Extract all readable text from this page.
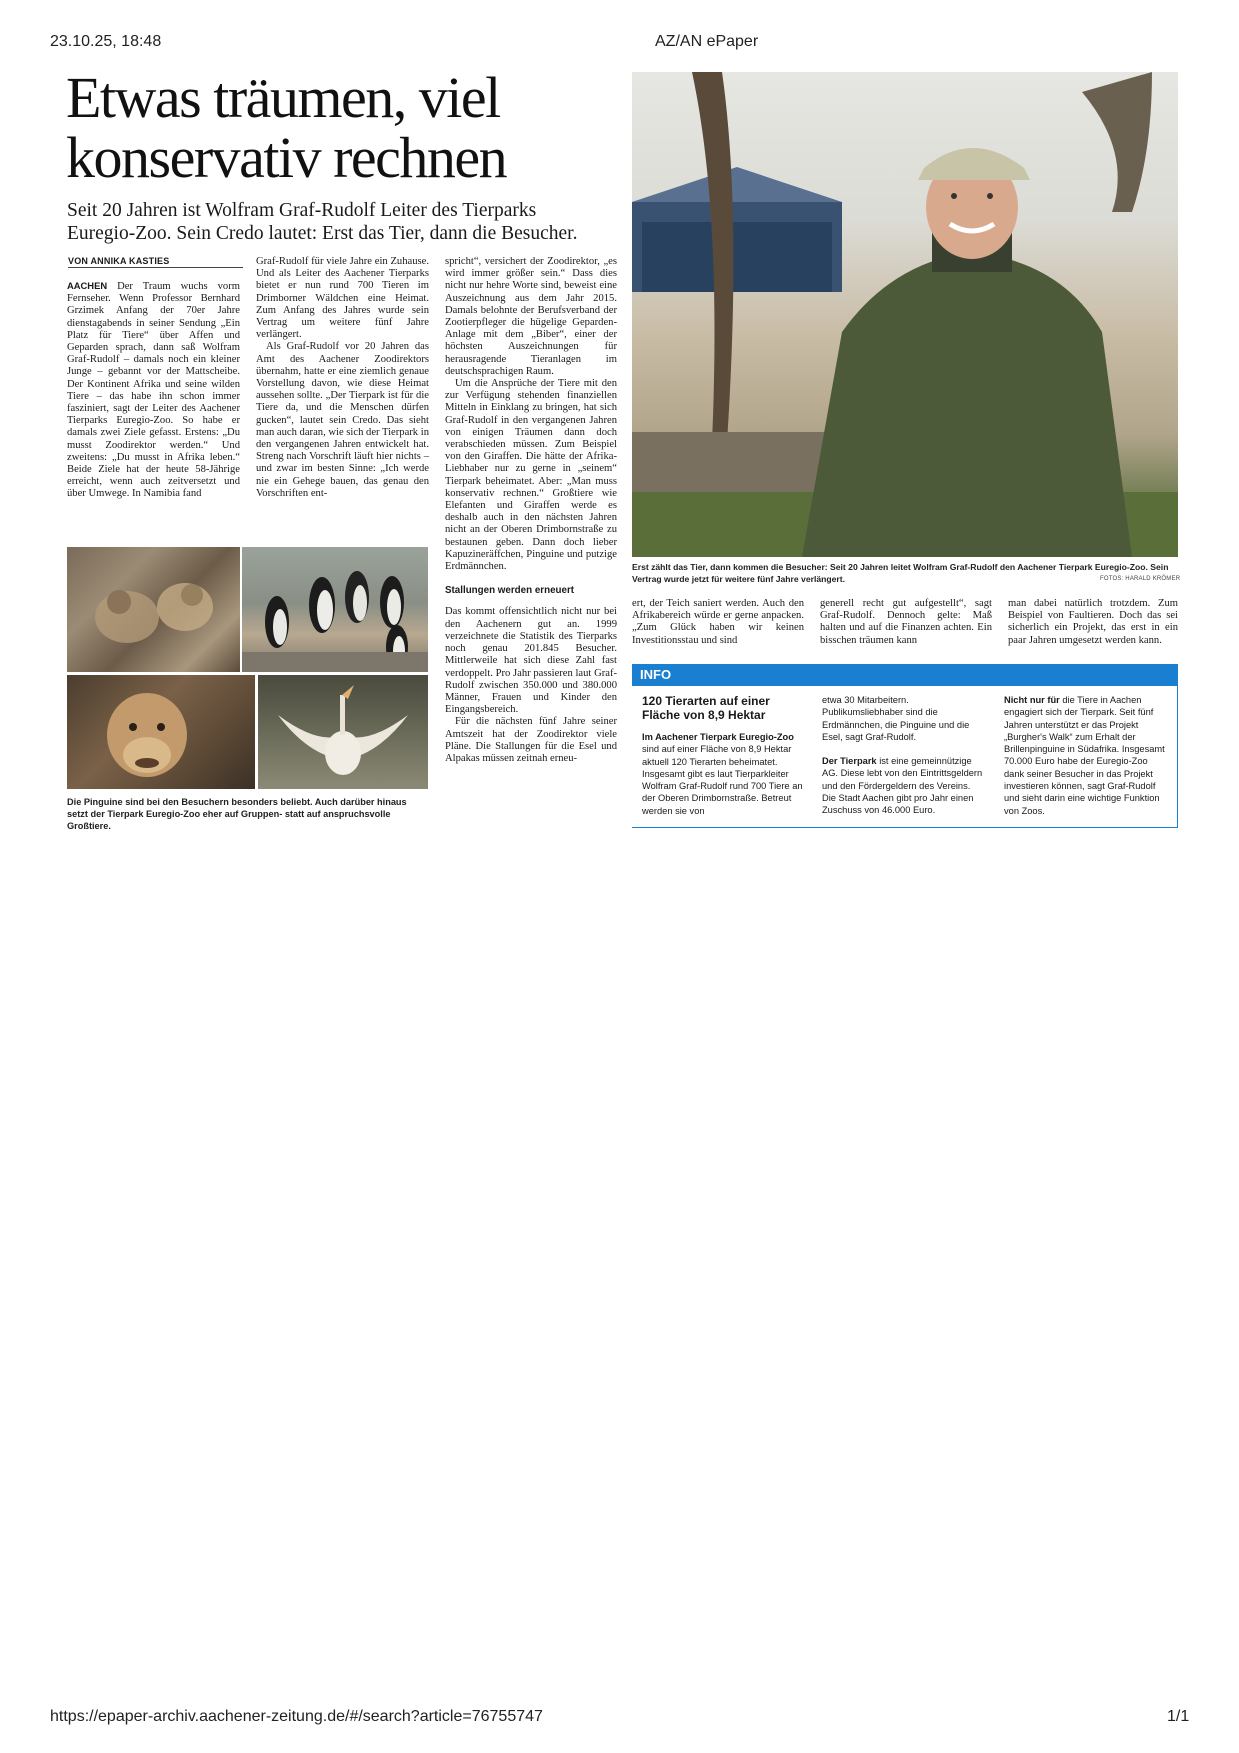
23.10.25, 18:48	AZ/AN ePaper
Etwas träumen, viel
konservativ rechnen
Seit 20 Jahren ist Wolfram Graf-Rudolf Leiter des Tierparks
Euregio-Zoo. Sein Credo lautet: Erst das Tier, dann die Besucher.
VON ANNIKA KASTIES

AACHEN Der Traum wuchs vorm Fernseher. Wenn Professor Bernhard Grzimek Anfang der 70er Jahre dienstagabends in seiner Sendung „Ein Platz für Tiere“ über Affen und Geparden sprach, dann saß Wolfram Graf-Rudolf – damals noch ein kleiner Junge – gebannt vor der Mattscheibe. Der Kontinent Afrika und seine wilden Tiere – das habe ihn schon immer fasziniert, sagt der Leiter des Aachener Tierparks Euregio-Zoo. So habe er damals zwei Ziele gefasst. Erstens: „Du musst Zoodirektor werden.“ Und zweitens: „Du musst in Afrika leben.“ Beide Ziele hat der heute 58-Jährige erreicht, wenn auch zeitversetzt und über Umwege. In Namibia fand

Graf-Rudolf für viele Jahre ein Zuhause. Und als Leiter des Aachener Tierparks bietet er nun rund 700 Tieren im Drimborner Wäldchen eine Heimat. Zum Anfang des Jahres wurde sein Vertrag um weitere fünf Jahre verlängert.

Als Graf-Rudolf vor 20 Jahren das Amt des Aachener Zoodirektors übernahm, hatte er eine ziemlich genaue Vorstellung davon, wie diese Heimat aussehen sollte. „Der Tierpark ist für die Tiere da, und die Menschen dürfen gucken“, lautet sein Credo. Das sieht man auch daran, wie sich der Tierpark in den vergangenen Jahren entwickelt hat. Streng nach Vorschrift läuft hier nichts – und zwar im besten Sinne: „Ich werde nie ein Gehege bauen, das genau den Vorschriften ent-

spricht“, versichert der Zoodirektor, „es wird immer größer sein.“ Dass dies nicht nur hehre Worte sind, beweist eine Auszeichnung aus dem Jahr 2015. Damals belohnte der Berufsverband der Zootierpfleger die hügelige Geparden-Anlage mit dem „Biber“, einer der höchsten Auszeichnungen für herausragende Tieranlagen im deutschsprachigen Raum.

Um die Ansprüche der Tiere mit den zur Verfügung stehenden finanziellen Mitteln in Einklang zu bringen, hat sich Graf-Rudolf in den vergangenen Jahren von einigen Träumen dann doch verabschieden müssen. Zum Beispiel von den Giraffen. Die hätte der Afrika-Liebhaber nur zu gerne in „seinem“ Tierpark beheimatet. Aber: „Man muss konservativ rechnen.“ Großtiere wie Elefanten und Giraffen werde es deshalb auch in den nächsten Jahren nicht an der Oberen Drimbornstraße zu bestaunen geben. Dann doch lieber Kapuzineräffchen, Pinguine und putzige Erdmännchen.

Stallungen werden erneuert

Das kommt offensichtlich nicht nur bei den Aachenern gut an. 1999 verzeichnete die Statistik des Tierparks noch genau 201.845 Besucher. Mittlerweile hat sich diese Zahl fast verdoppelt. Pro Jahr passieren laut Graf-Rudolf zwischen 350.000 und 380.000 Männer, Frauen und Kinder den Eingangsbereich.

Für die nächsten fünf Jahre seiner Amtszeit hat der Zoodirektor viele Pläne. Die Stallungen für die Esel und Alpakas müssen zeitnah erneu-

Die Pinguine sind bei den Besuchern besonders beliebt. Auch darüber hinaus setzt der Tierpark Euregio-Zoo eher auf Gruppen- statt auf anspruchsvolle Großtiere.
Erst zählt das Tier, dann kommen die Besucher: Seit 20 Jahren leitet Wolfram Graf-Rudolf den Aachener Tierpark Euregio-Zoo. Sein Vertrag wurde jetzt für weitere fünf Jahre verlängert.	FOTOS: HARALD KRÖMER

ert, der Teich saniert werden. Auch den Afrikabereich würde er gerne anpacken. „Zum Glück haben wir keinen Investitionsstau und sind

generell recht gut aufgestellt“, sagt Graf-Rudolf. Dennoch gelte: Maß halten und auf die Finanzen achten. Ein bisschen träumen kann

man dabei natürlich trotzdem. Zum Beispiel von Faultieren. Doch das sei sicherlich ein Projekt, das erst in ein paar Jahren umgesetzt werden kann.

INFO

120 Tierarten auf einer Fläche von 8,9 Hektar

Im Aachener Tierpark Euregio-Zoo sind auf einer Fläche von 8,9 Hektar aktuell 120 Tierarten beheimatet. Insgesamt gibt es laut Tierparkleiter Wolfram Graf-Rudolf rund 700 Tiere an der Oberen Drimbornstraße. Betreut werden sie von

etwa 30 Mitarbeitern. Publikumsliebhaber sind die Erdmännchen, die Pinguine und die Esel, sagt Graf-Rudolf.

Der Tierpark ist eine gemeinnützige AG. Diese lebt von den Eintrittsgeldern und den Fördergeldern des Vereins. Die Stadt Aachen gibt pro Jahr einen Zuschuss von 46.000 Euro.

Nicht nur für die Tiere in Aachen engagiert sich der Tierpark. Seit fünf Jahren unterstützt er das Projekt „Burgher's Walk“ zum Erhalt der Brillenpinguine in Südafrika. Insgesamt 70.000 Euro habe der Euregio-Zoo dank seiner Besucher in das Projekt investieren können, sagt Graf-Rudolf und sieht darin eine wichtige Funktion von Zoos.

https://epaper-archiv.aachener-zeitung.de/#/search?article=76755747	1/1
